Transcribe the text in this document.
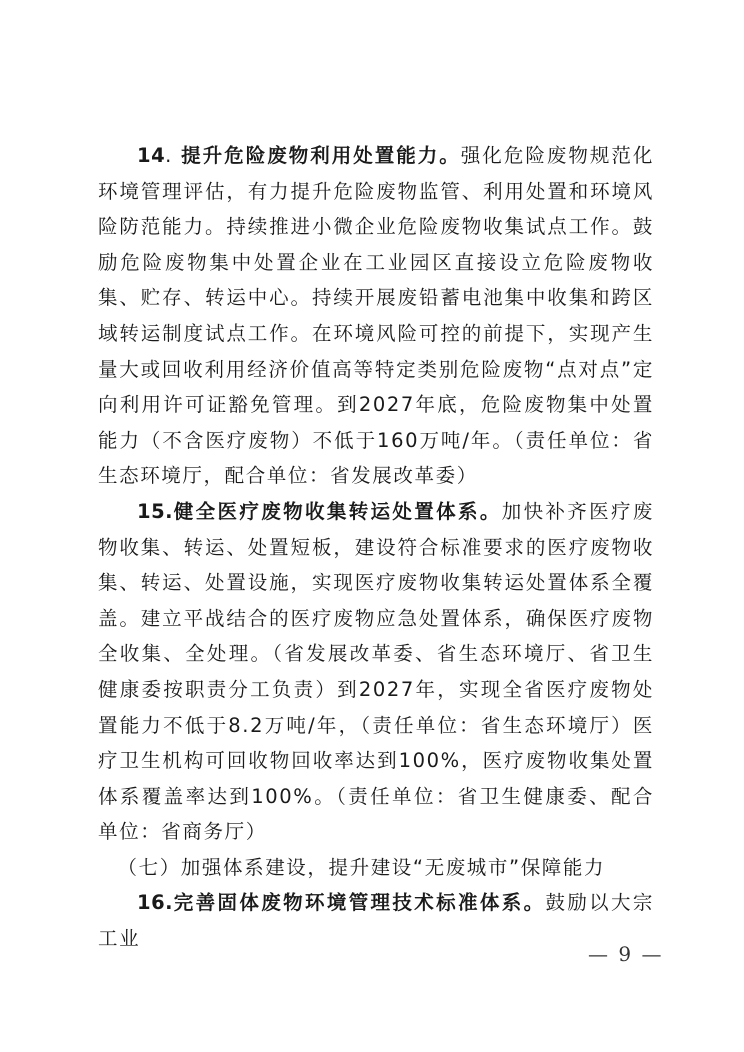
14. 提升危险废物利用处置能力。强化危险废物规范化环境管理评估，有力提升危险废物监管、利用处置和环境风险防范能力。持续推进小微企业危险废物收集试点工作。鼓励危险废物集中处置企业在工业园区直接设立危险废物收集、贮存、转运中心。持续开展废铅蓄电池集中收集和跨区域转运制度试点工作。在环境风险可控的前提下，实现产生量大或回收利用经济价值高等特定类别危险废物“点对点”定向利用许可证豁免管理。到2027年底，危险废物集中处置能力（不含医疗废物）不低于160万吨/年。（责任单位：省生态环境厅，配合单位：省发展改革委）

15.健全医疗废物收集转运处置体系。加快补齐医疗废物收集、转运、处置短板，建设符合标准要求的医疗废物收集、转运、处置设施，实现医疗废物收集转运处置体系全覆盖。建立平战结合的医疗废物应急处置体系，确保医疗废物全收集、全处理。（省发展改革委、省生态环境厅、省卫生健康委按职责分工负责）到2027年，实现全省医疗废物处置能力不低于8.2万吨/年，（责任单位：省生态环境厅）医疗卫生机构可回收物回收率达到100%，医疗废物收集处置体系覆盖率达到100%。（责任单位：省卫生健康委、配合单位：省商务厅）

（七）加强体系建设，提升建设“无废城市”保障能力

16.完善固体废物环境管理技术标准体系。鼓励以大宗工业

— 9 —
